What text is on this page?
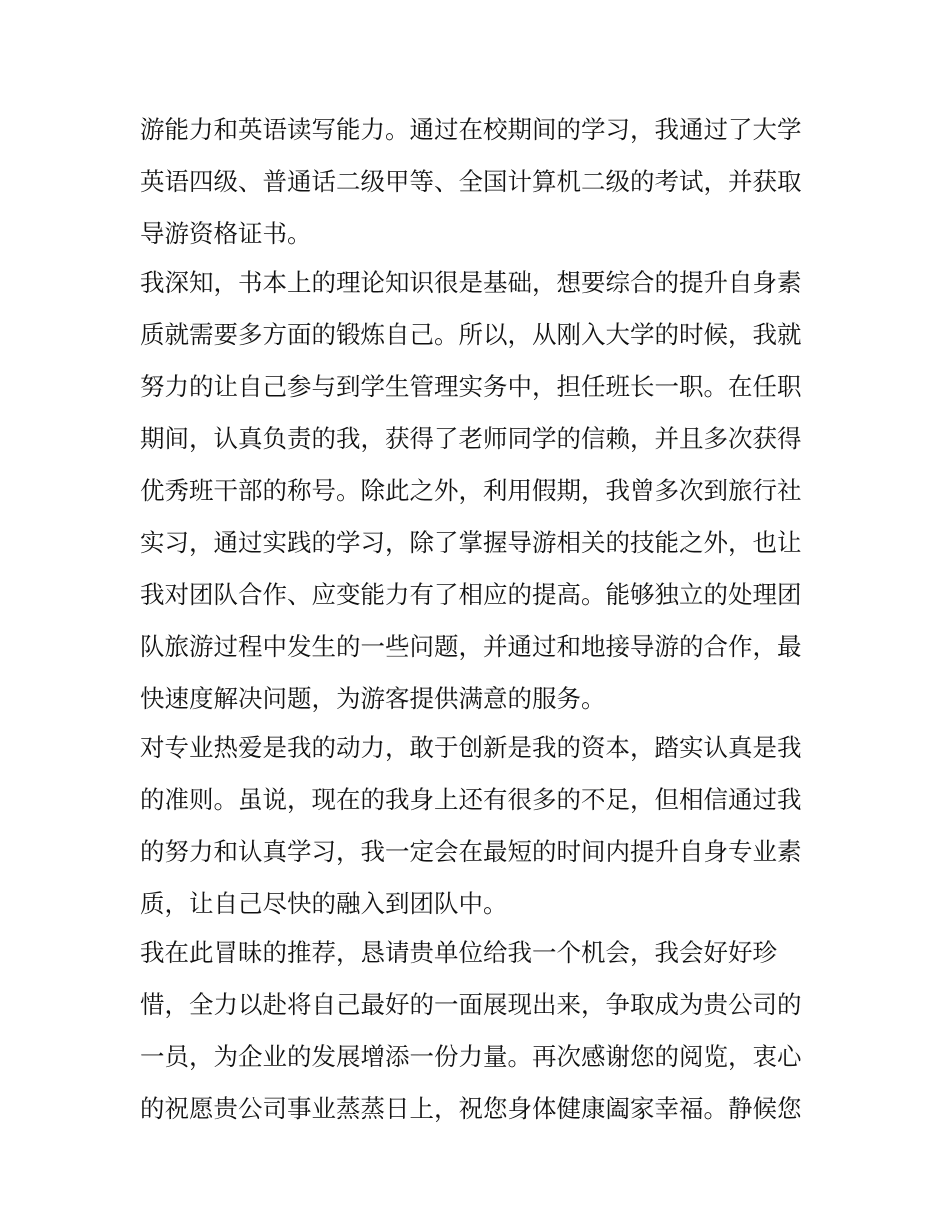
游能力和英语读写能力。通过在校期间的学习，我通过了大学
英语四级、普通话二级甲等、全国计算机二级的考试，并获取
导游资格证书。
我深知，书本上的理论知识很是基础，想要综合的提升自身素
质就需要多方面的锻炼自己。所以，从刚入大学的时候，我就
努力的让自己参与到学生管理实务中，担任班长一职。在任职
期间，认真负责的我，获得了老师同学的信赖，并且多次获得
优秀班干部的称号。除此之外，利用假期，我曾多次到旅行社
实习，通过实践的学习，除了掌握导游相关的技能之外，也让
我对团队合作、应变能力有了相应的提高。能够独立的处理团
队旅游过程中发生的一些问题，并通过和地接导游的合作，最
快速度解决问题，为游客提供满意的服务。
对专业热爱是我的动力，敢于创新是我的资本，踏实认真是我
的准则。虽说，现在的我身上还有很多的不足，但相信通过我
的努力和认真学习，我一定会在最短的时间内提升自身专业素
质，让自己尽快的融入到团队中。
我在此冒昧的推荐，恳请贵单位给我一个机会，我会好好珍
惜，全力以赴将自己最好的一面展现出来，争取成为贵公司的
一员，为企业的发展增添一份力量。再次感谢您的阅览，衷心
的祝愿贵公司事业蒸蒸日上，祝您身体健康阖家幸福。静候您
